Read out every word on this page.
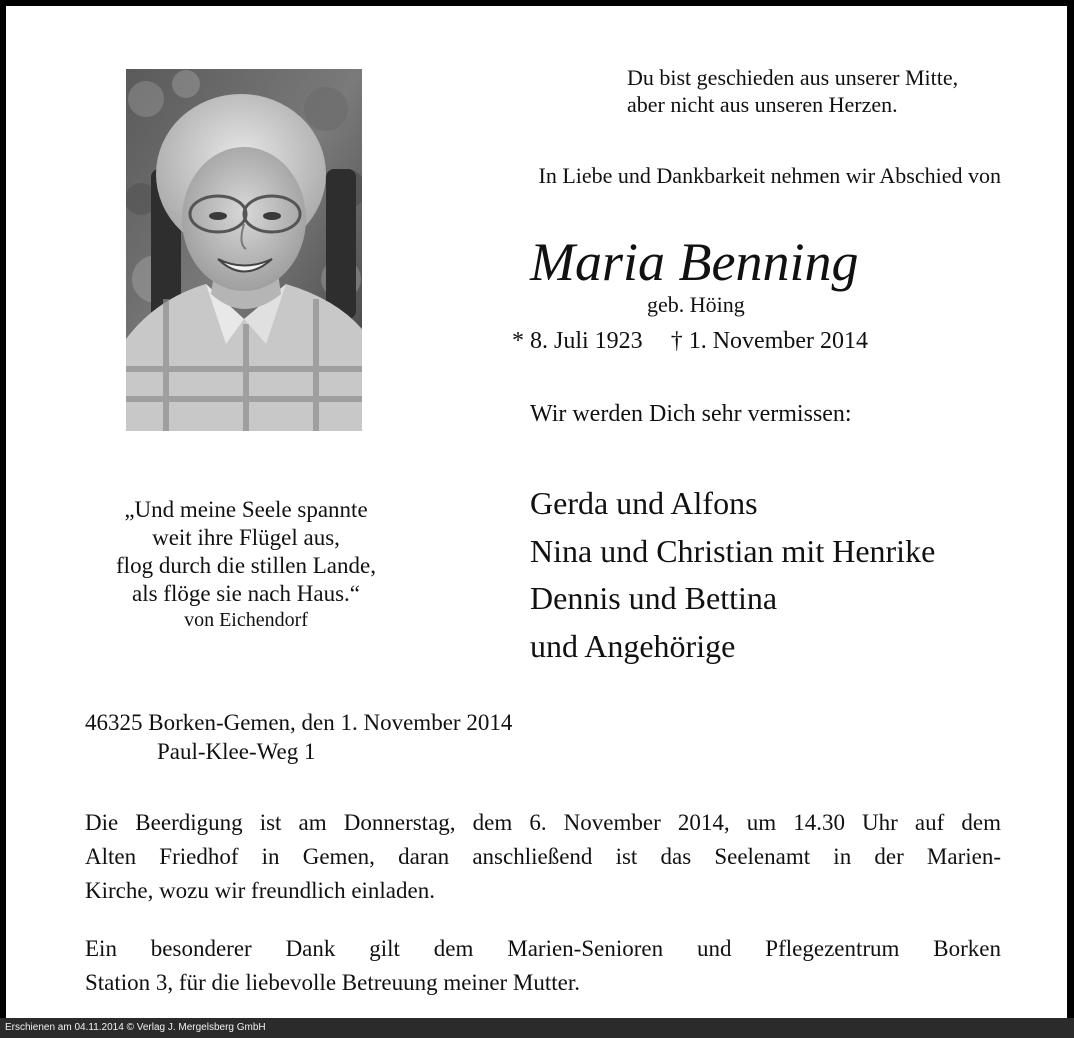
Du bist geschieden aus unserer Mitte,
aber nicht aus unseren Herzen.
In Liebe und Dankbarkeit nehmen wir Abschied von
Maria Benning
geb. Höing
* 8. Juli 1923 † 1. November 2014
Wir werden Dich sehr vermissen:
Gerda und Alfons
Nina und Christian mit Henrike
Dennis und Bettina
und Angehörige
„Und meine Seele spannte
weit ihre Flügel aus,
flog durch die stillen Lande,
als flöge sie nach Haus.“
von Eichendorf
46325 Borken-Gemen, den 1. November 2014
Paul-Klee-Weg 1
Die Beerdigung ist am Donnerstag, dem 6. November 2014, um 14.30 Uhr auf dem
Alten Friedhof in Gemen, daran anschließend ist das Seelenamt in der Marien-
Kirche, wozu wir freundlich einladen.
Ein besonderer Dank gilt dem Marien-Senioren und Pflegezentrum Borken
Station 3, für die liebevolle Betreuung meiner Mutter.
Erschienen am 04.11.2014 © Verlag J. Mergelsberg GmbH
